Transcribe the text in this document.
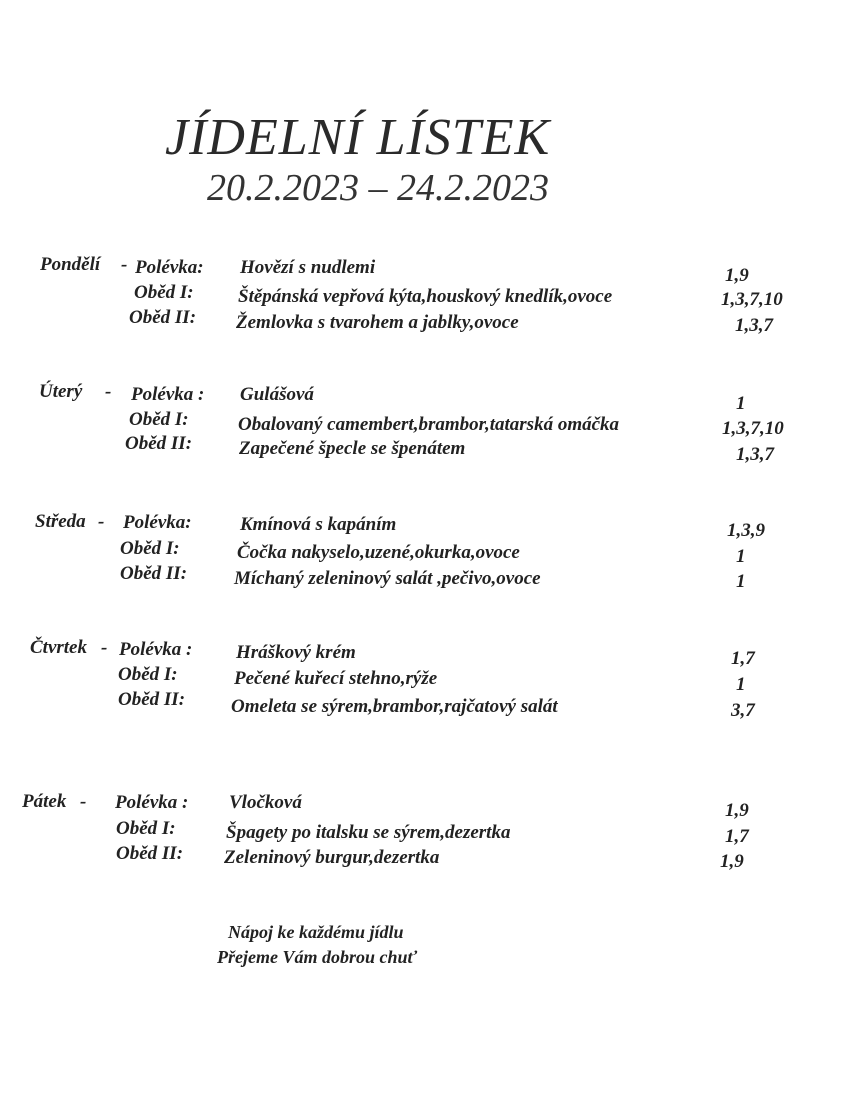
JÍDELNÍ LÍSTEK
20.2.2023 – 24.2.2023
Pondělí - Polévka: Hovězí s nudlemi	1,9
Oběd I: Štěpánská vepřová kýta,houskový knedlík,ovoce	1,3,7,10
Oběd II: Žemlovka s tvarohem a jablky,ovoce	1,3,7
Úterý - Polévka : Gulášová	1
Oběd I:	Obalovaný camembert,brambor,tatarská omáčka	1,3,7,10
Oběd II: Zapečené špecle se špenátem	1,3,7
Středa - Polévka:	Kmínová s kapáním	1,3,9
Oběd I:	Čočka nakyselo,uzené,okurka,ovoce	1
Oběd II: Míchaný zeleninový salát ,pečivo,ovoce	1
Čtvrtek - Polévka : Hráškový krém	1,7
Oběd I:	Pečené kuřecí stehno,rýže	1
Oběd II: Omeleta se sýrem,brambor,rajčatový salát	3,7
Pátek - Polévka : Vločková	1,9
Oběd I:	Špagety po italsku se sýrem,dezertka	1,7
Oběd II: Zeleninový burgur,dezertka	1,9
Nápoj ke každému jídlu
Přejeme Vám dobrou chuť
